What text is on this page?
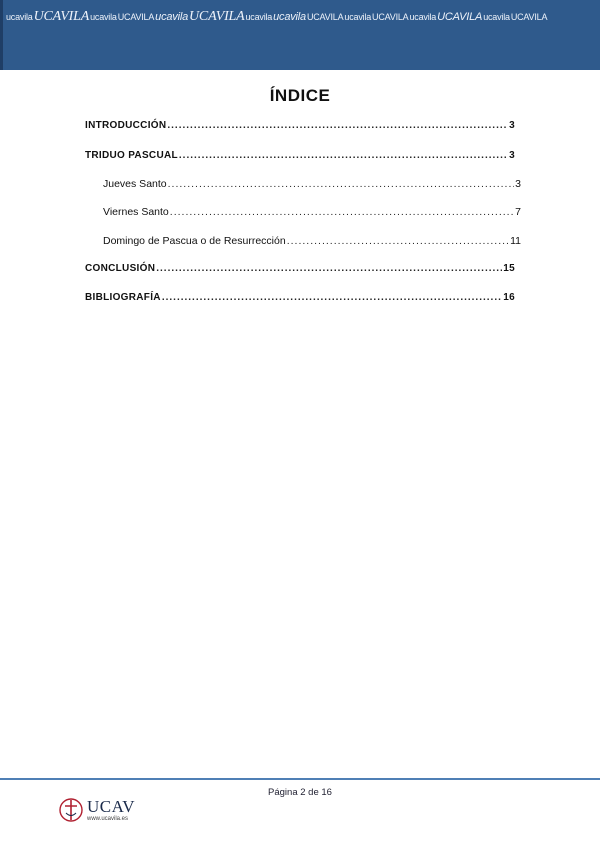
ucavila UCAVILA ucavila UCAVILA ucavila UCAVILA ucavila ucavila UCAVILA ucavila UCAVILA ucavila UCAVILA ucavila UCAVILA
ÍNDICE
INTRODUCCIÓN .....	3
TRIDUO PASCUAL .....	3
Jueves Santo .....	3
Viernes Santo .....	7
Domingo de Pascua o de Resurrección .....	11
CONCLUSIÓN .....	15
BIBLIOGRAFÍA .....	16
Página 2 de 16
UCAV
www.ucavila.es
